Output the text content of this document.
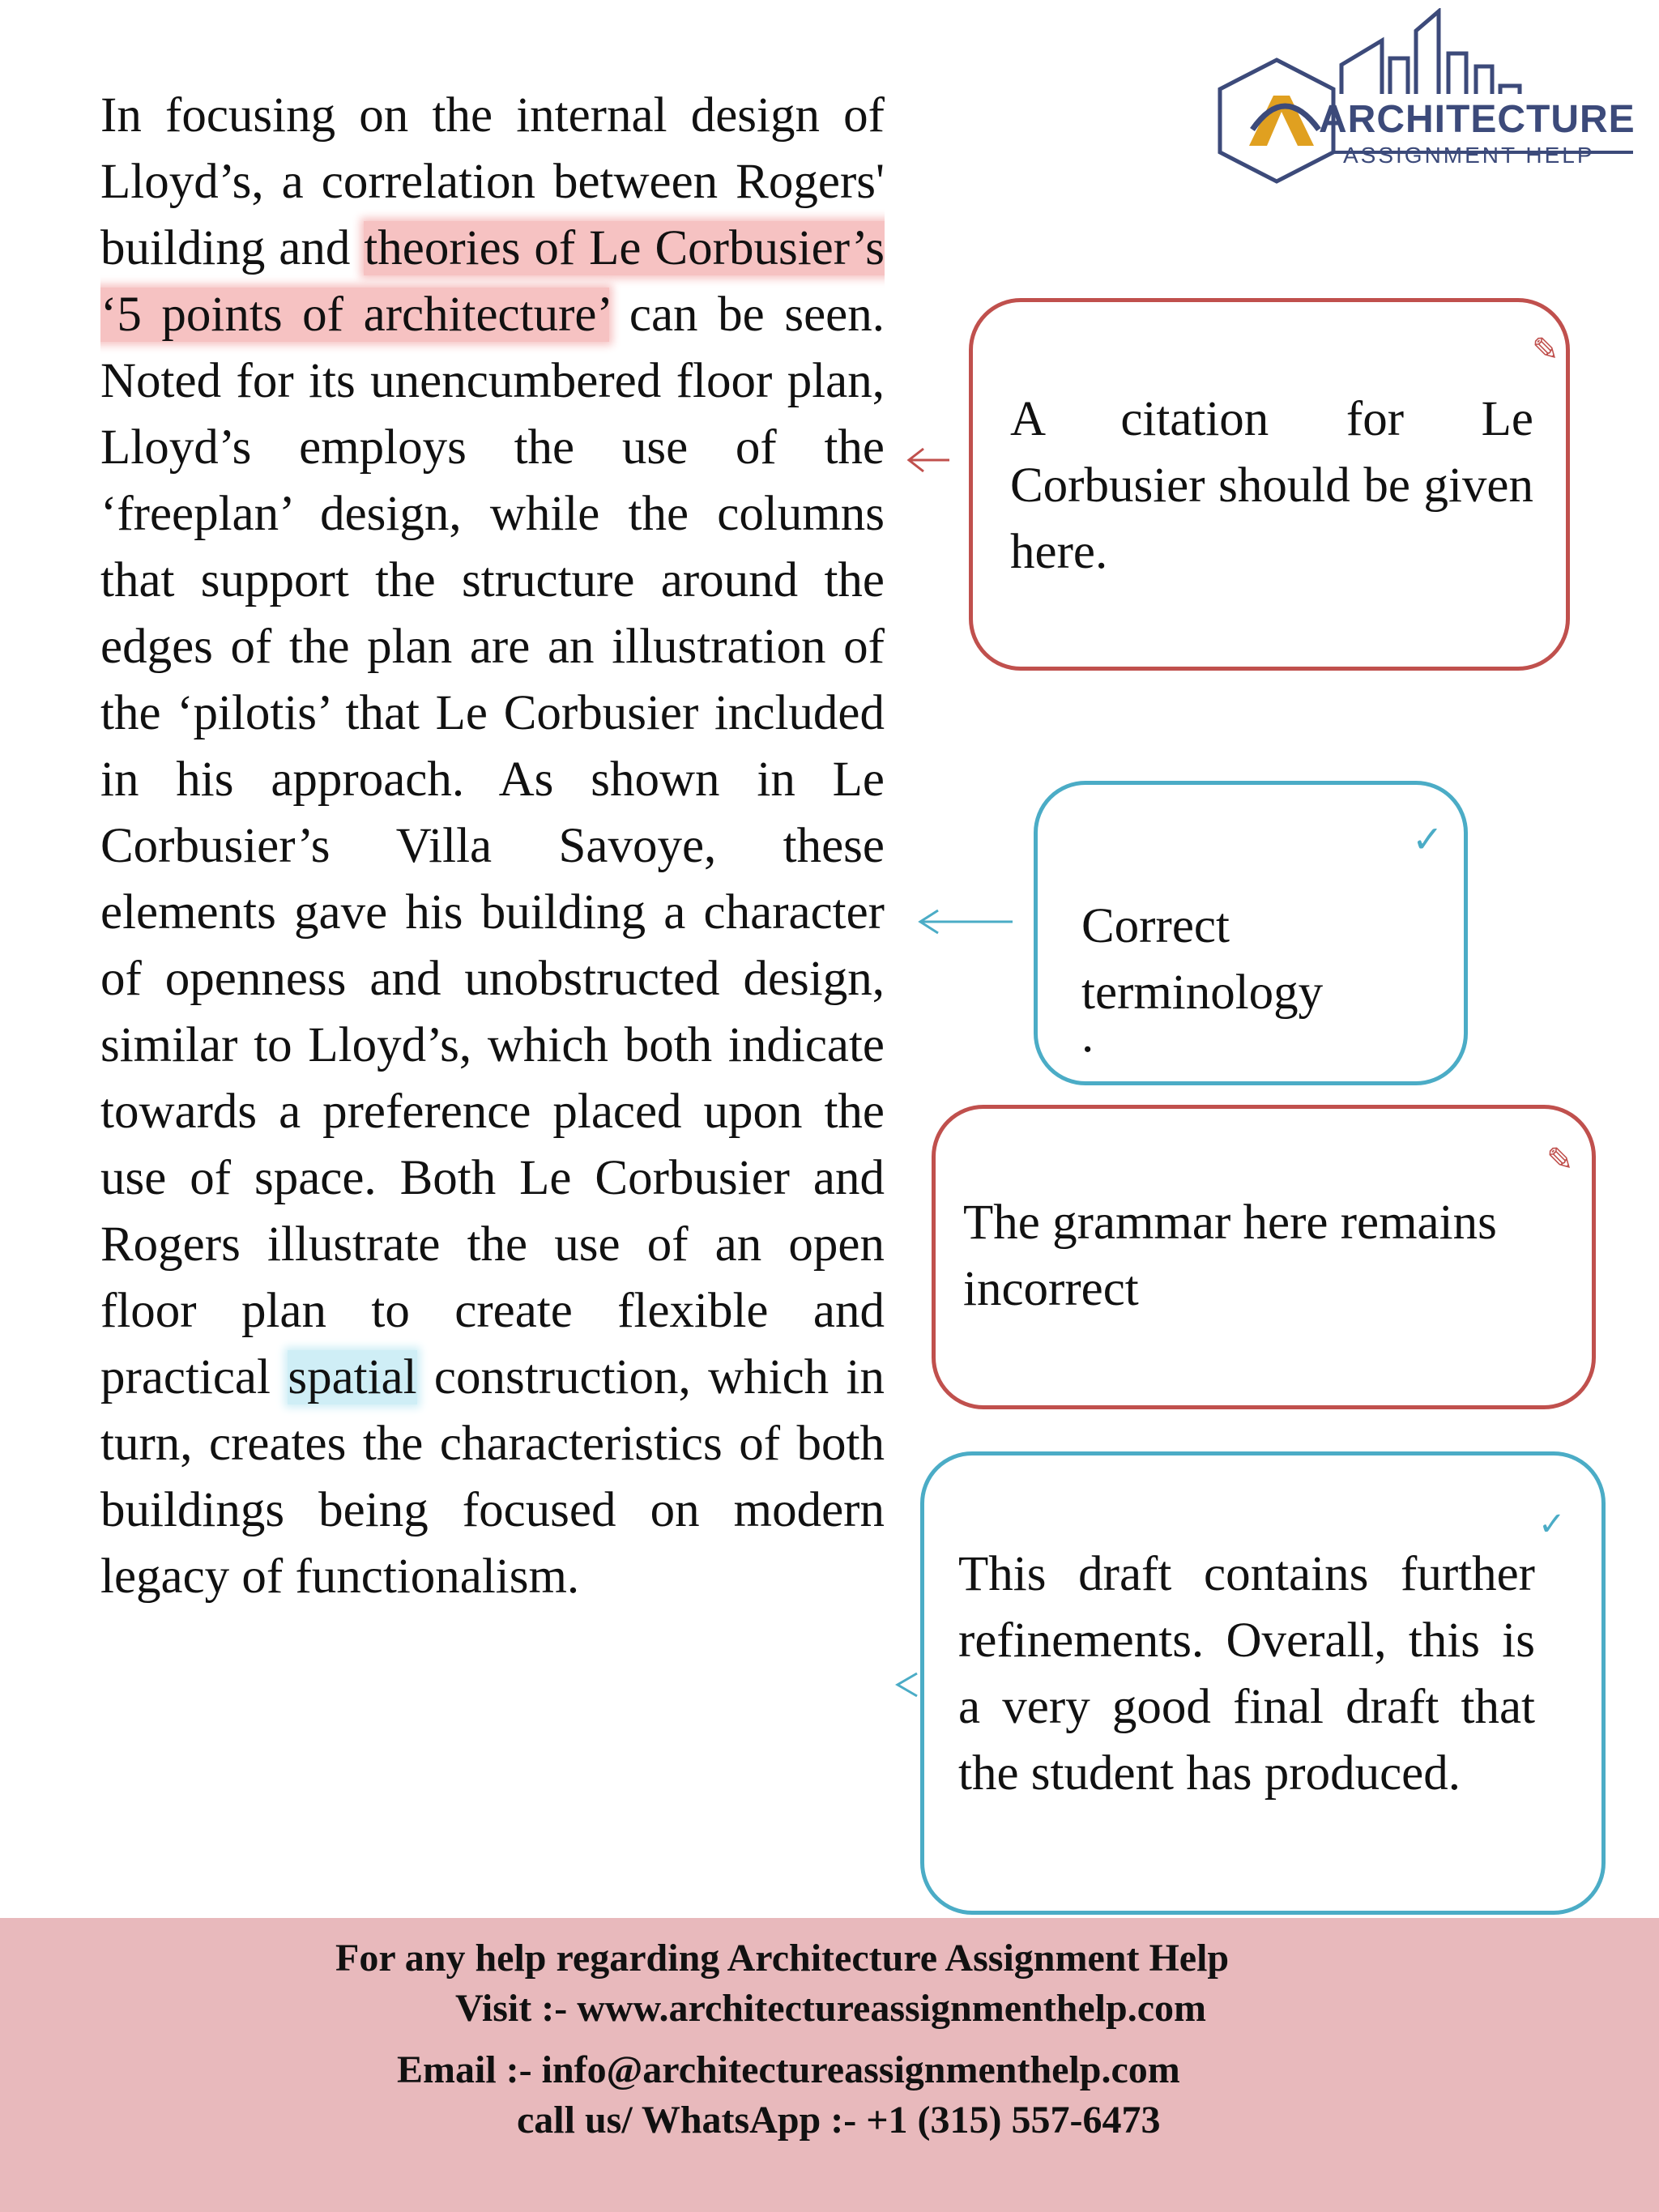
ARCHITECTURE
ASSIGNMENT HELP
In focusing on the internal design of Lloyd’s, a correlation between Rogers' building and theories of Le Corbusier’s ‘5 points of architecture’ can be seen. Noted for its unencumbered floor plan, Lloyd’s employs the use of the ‘freeplan’ design, while the columns that support the structure around the edges of the plan are an illustration of the ‘pilotis’ that Le Corbusier included in his approach. As shown in Le Corbusier’s Villa Savoye, these elements gave his building a character of openness and unobstructed design, similar to Lloyd’s, which both indicate towards a preference placed upon the use of space. Both Le Corbusier and Rogers illustrate the use of an open floor plan to create flexible and practical spatial construction, which in turn, creates the characteristics of both buildings being focused on modern legacy of functionalism.
✎
A citation for Le Corbusier should be given here.
✓
Correct terminology
.
✎
The grammar here remains incorrect
✓
This draft contains further refinements. Overall, this is a very good final draft that the student has produced.
For any help regarding Architecture Assignment Help
Visit :- www.architectureassignmenthelp.com
Email :- info@architectureassignmenthelp.com
call us/ WhatsApp :- +1 (315) 557-6473
